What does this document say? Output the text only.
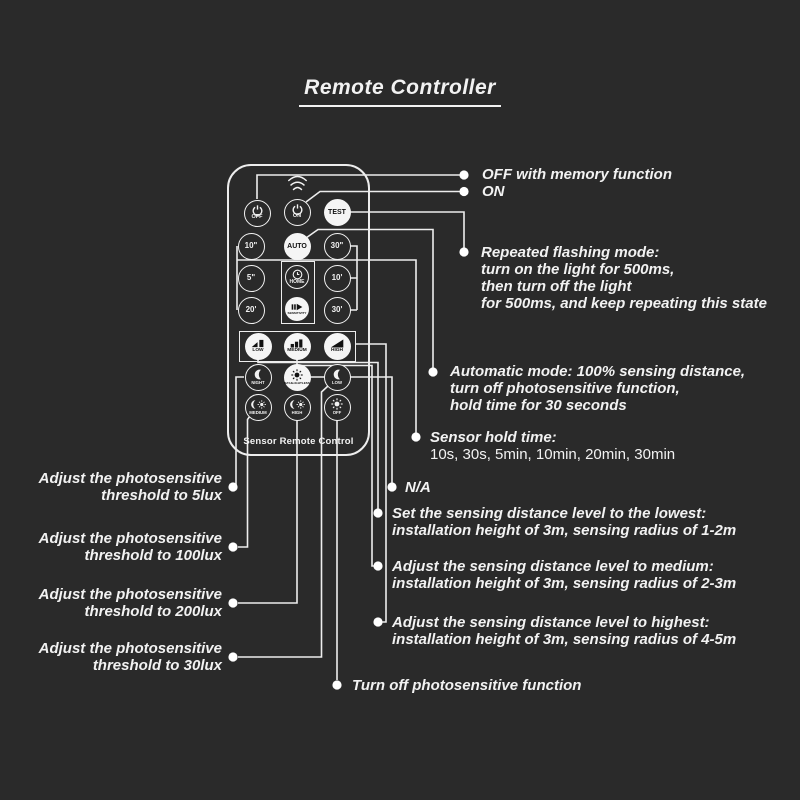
Remote Controller
OFF	ON
TEST
10"	AUTO	30"
5"	HOME	10'
20'	SENSITIVITY	30'
LOW	MEDIUM	HIGH
NIGHT	DAY&LIGHTLESS	LOW
MEDIUM	HIGH	OFF
Sensor Remote Control
OFF with memory function
ON
Repeated flashing mode:
turn on the light for 500ms,
then turn off the light
for 500ms, and keep repeating this state
Automatic mode: 100% sensing distance,
turn off photosensitive function,
hold time for 30 seconds
Sensor hold time:
10s, 30s, 5min, 10min, 20min, 30min
N/A
Set the sensing distance level to the lowest:
installation height of 3m, sensing radius of 1-2m
Adjust the sensing distance level to medium:
installation height of 3m, sensing radius of 2-3m
Adjust the sensing distance level to highest:
installation height of 3m, sensing radius of 4-5m
Turn off photosensitive function
Adjust the photosensitive
threshold to 5lux
Adjust the photosensitive
threshold to 100lux
Adjust the photosensitive
threshold to 200lux
Adjust the photosensitive
threshold to 30lux
